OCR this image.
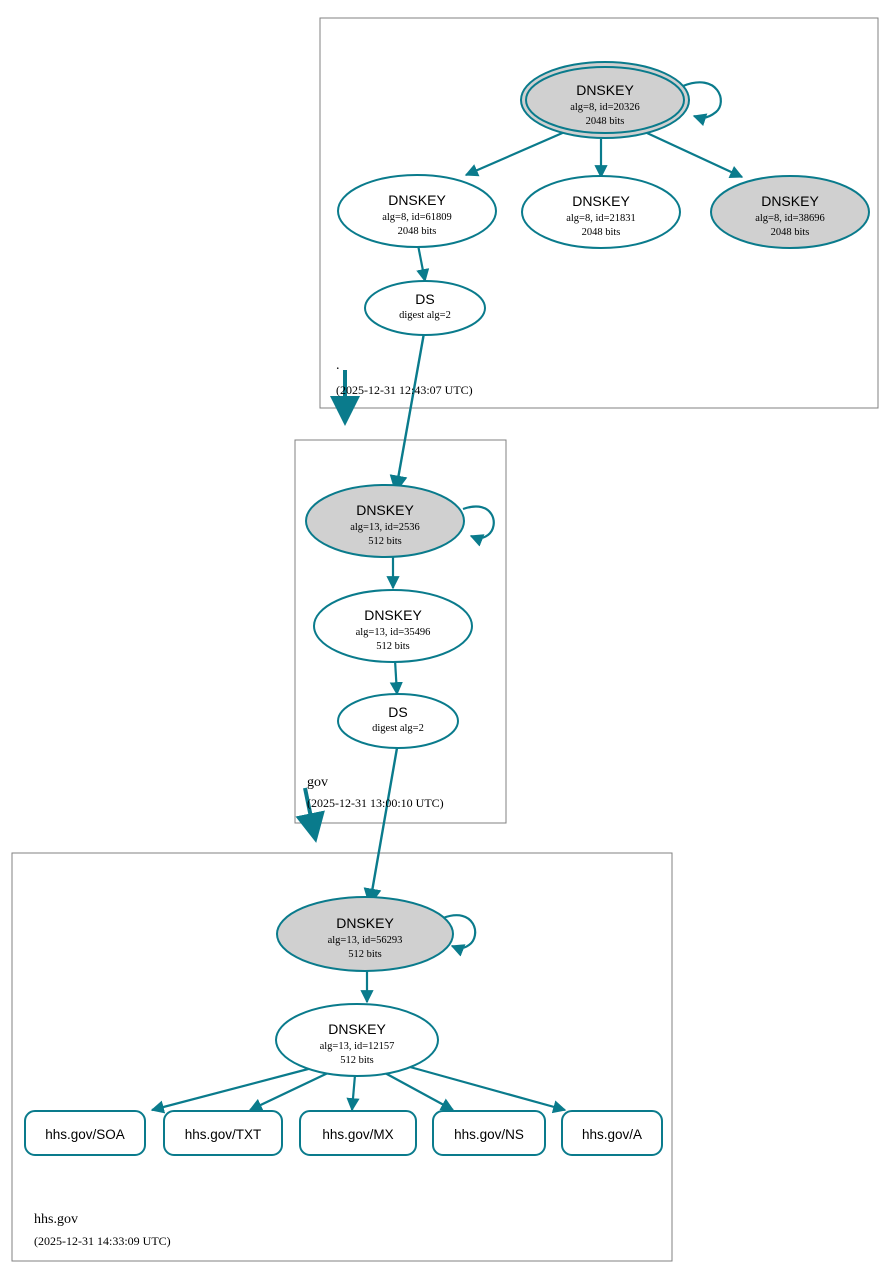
DNSKEY
alg=8, id=20326
2048 bits
DNSKEY
alg=8, id=61809
2048 bits
DNSKEY
alg=8, id=21831
2048 bits
DNSKEY
alg=8, id=38696
2048 bits
DS
digest alg=2
.
(2025-12-31 12:43:07 UTC)
DNSKEY
alg=13, id=2536
512 bits
DNSKEY
alg=13, id=35496
512 bits
DS
digest alg=2
gov
(2025-12-31 13:00:10 UTC)
DNSKEY
alg=13, id=56293
512 bits
DNSKEY
alg=13, id=12157
512 bits
hhs.gov/SOA	hhs.gov/TXT	hhs.gov/MX	hhs.gov/NS	hhs.gov/A
hhs.gov
(2025-12-31 14:33:09 UTC)
